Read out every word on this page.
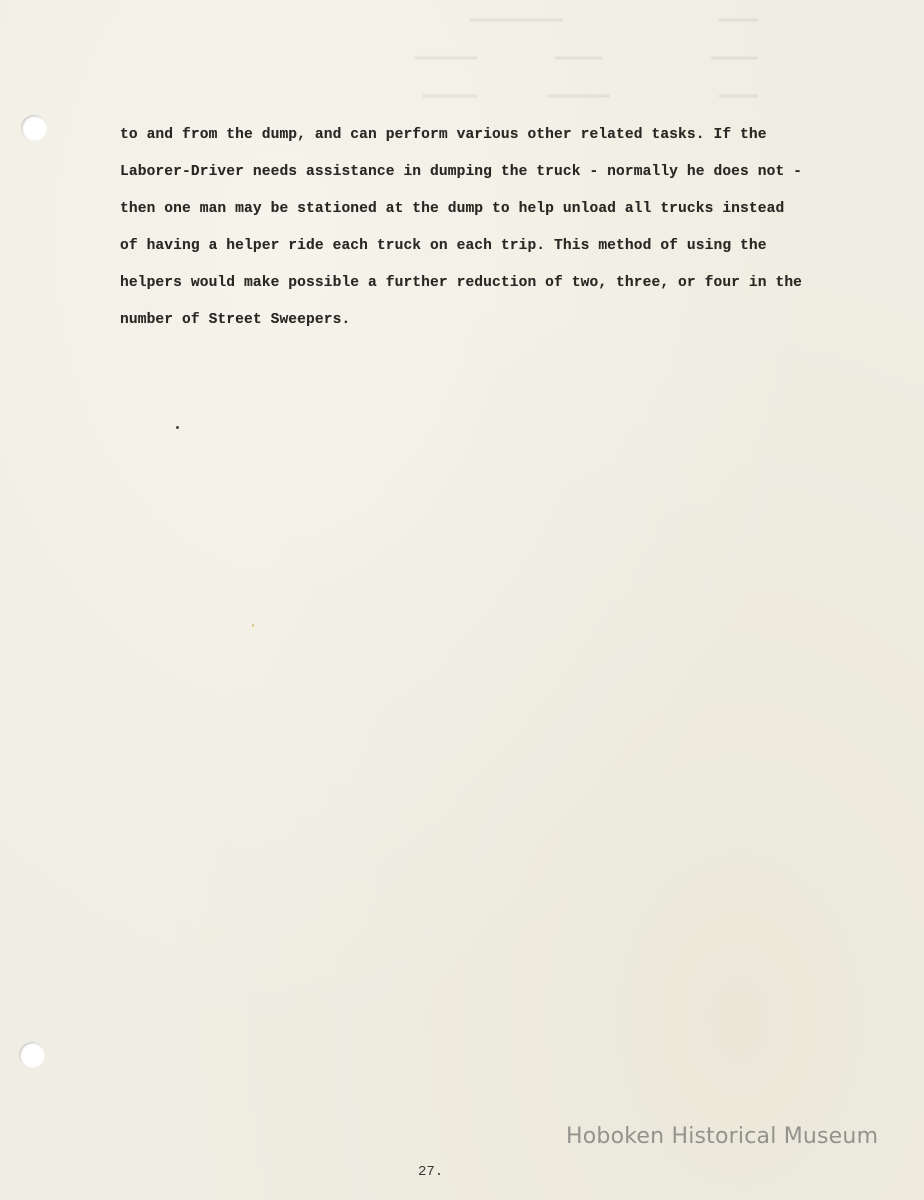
▬▬▬▬▬                    ▬▬▬▬▬▬▬▬▬▬▬▬
▬▬▬▬▬▬              ▬▬▬▬▬▬          ▬▬▬▬▬▬▬▬
▬▬▬▬▬              ▬▬▬▬▬▬▬▬         ▬▬▬▬▬▬▬
to and from the dump, and can perform various other related tasks. If the
Laborer-Driver needs assistance in dumping the truck - normally he does not -
then one man may be stationed at the dump to help unload all trucks instead
of having a helper ride each truck on each trip. This method of using the
helpers would make possible a further reduction of two, three, or four in the
number of Street Sweepers.
Hoboken Historical Museum
27.
